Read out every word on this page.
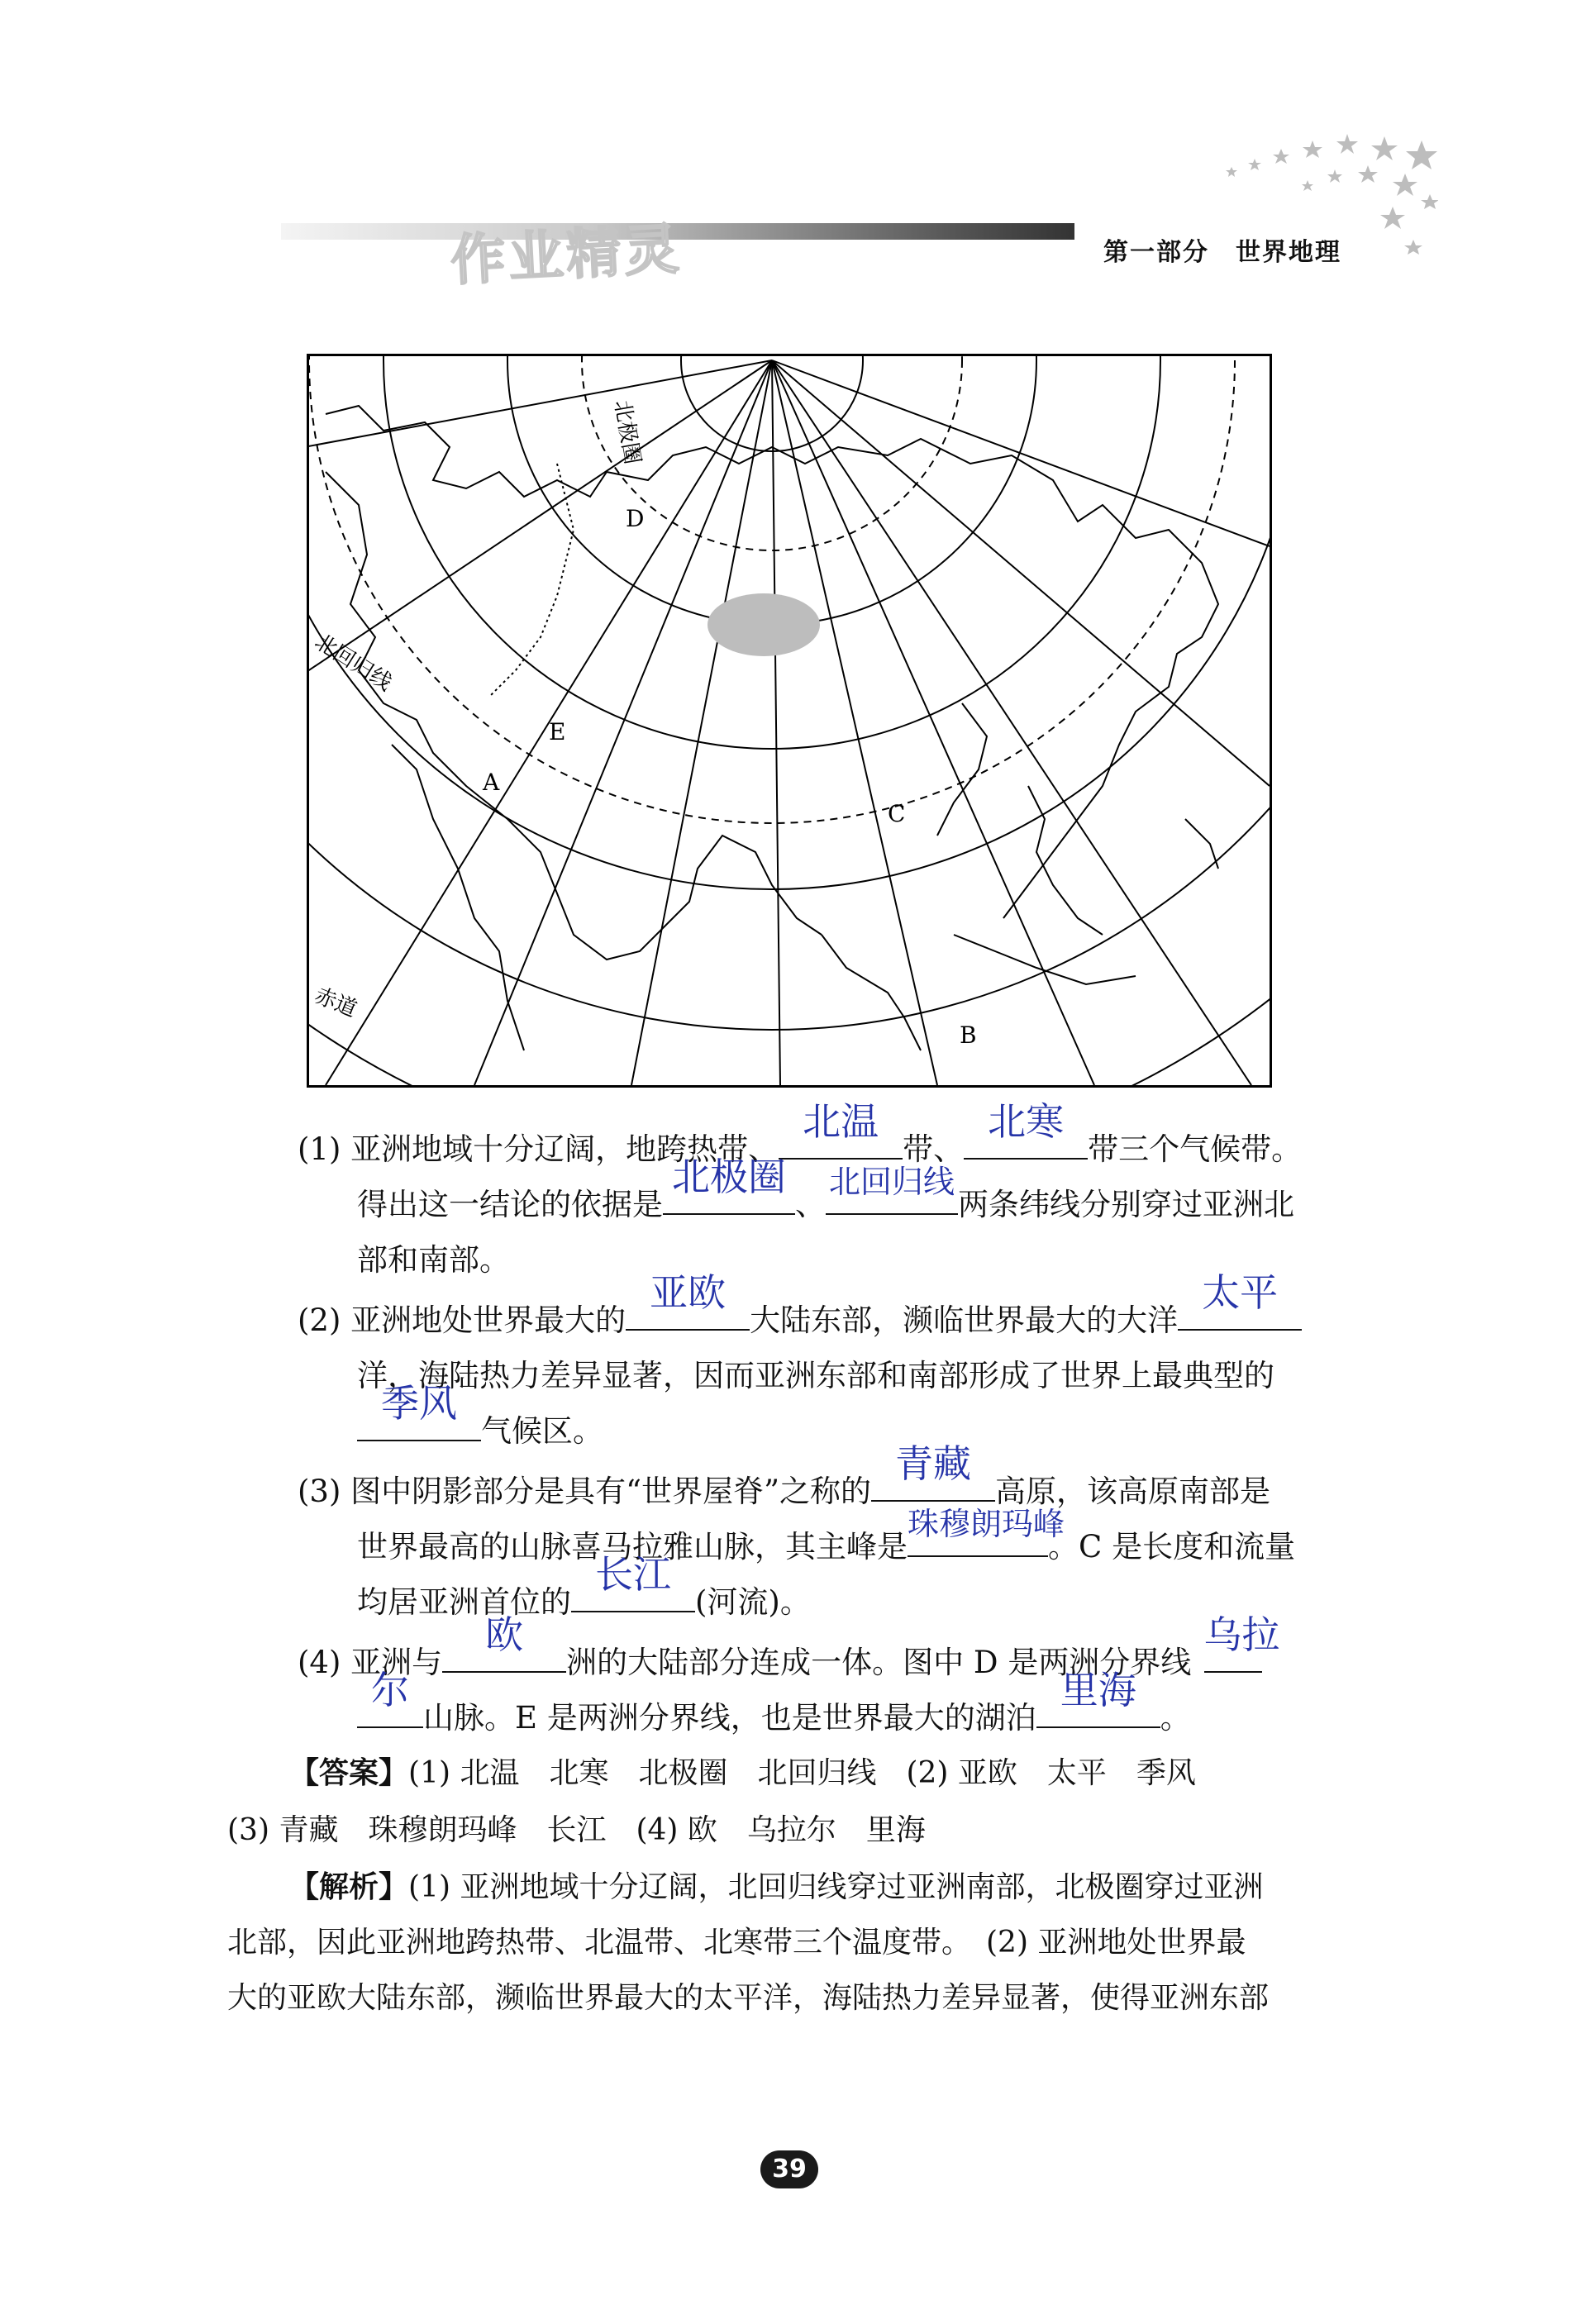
作业精灵	第一部分　世界地理
北极圈
北回归线
赤道
A
B
C
D
E
(1) 亚洲地域十分辽阔，地跨热带、
北温
带、
北寒
带三个气候带。
得出这一结论的依据是
北极圈
、
北回归线
两条纬线分别穿过亚洲北
部和南部。
(2) 亚洲地处世界最大的
亚欧
大陆东部，濒临世界最大的大洋
太平
洋，海陆热力差异显著，因而亚洲东部和南部形成了世界上最典型的
季风
气候区。
(3) 图中阴影部分是具有“世界屋脊”之称的
青藏
高原，该高原南部是
世界最高的山脉喜马拉雅山脉，其主峰是
珠穆朗玛峰
。C 是长度和流量
均居亚洲首位的
长江
(河流)。
(4) 亚洲与
欧
洲的大陆部分连成一体。图中 D 是两洲分界线
乌拉
尔
山脉。E 是两洲分界线，也是世界最大的湖泊
里海
。
【答案】(1) 北温　北寒　北极圈　北回归线　(2) 亚欧　太平　季风
(3) 青藏　珠穆朗玛峰　长江　(4) 欧　乌拉尔　里海
【解析】(1) 亚洲地域十分辽阔，北回归线穿过亚洲南部，北极圈穿过亚洲
北部，因此亚洲地跨热带、北温带、北寒带三个温度带。　(2) 亚洲地处世界最
大的亚欧大陆东部，濒临世界最大的太平洋，海陆热力差异显著，使得亚洲东部
39
